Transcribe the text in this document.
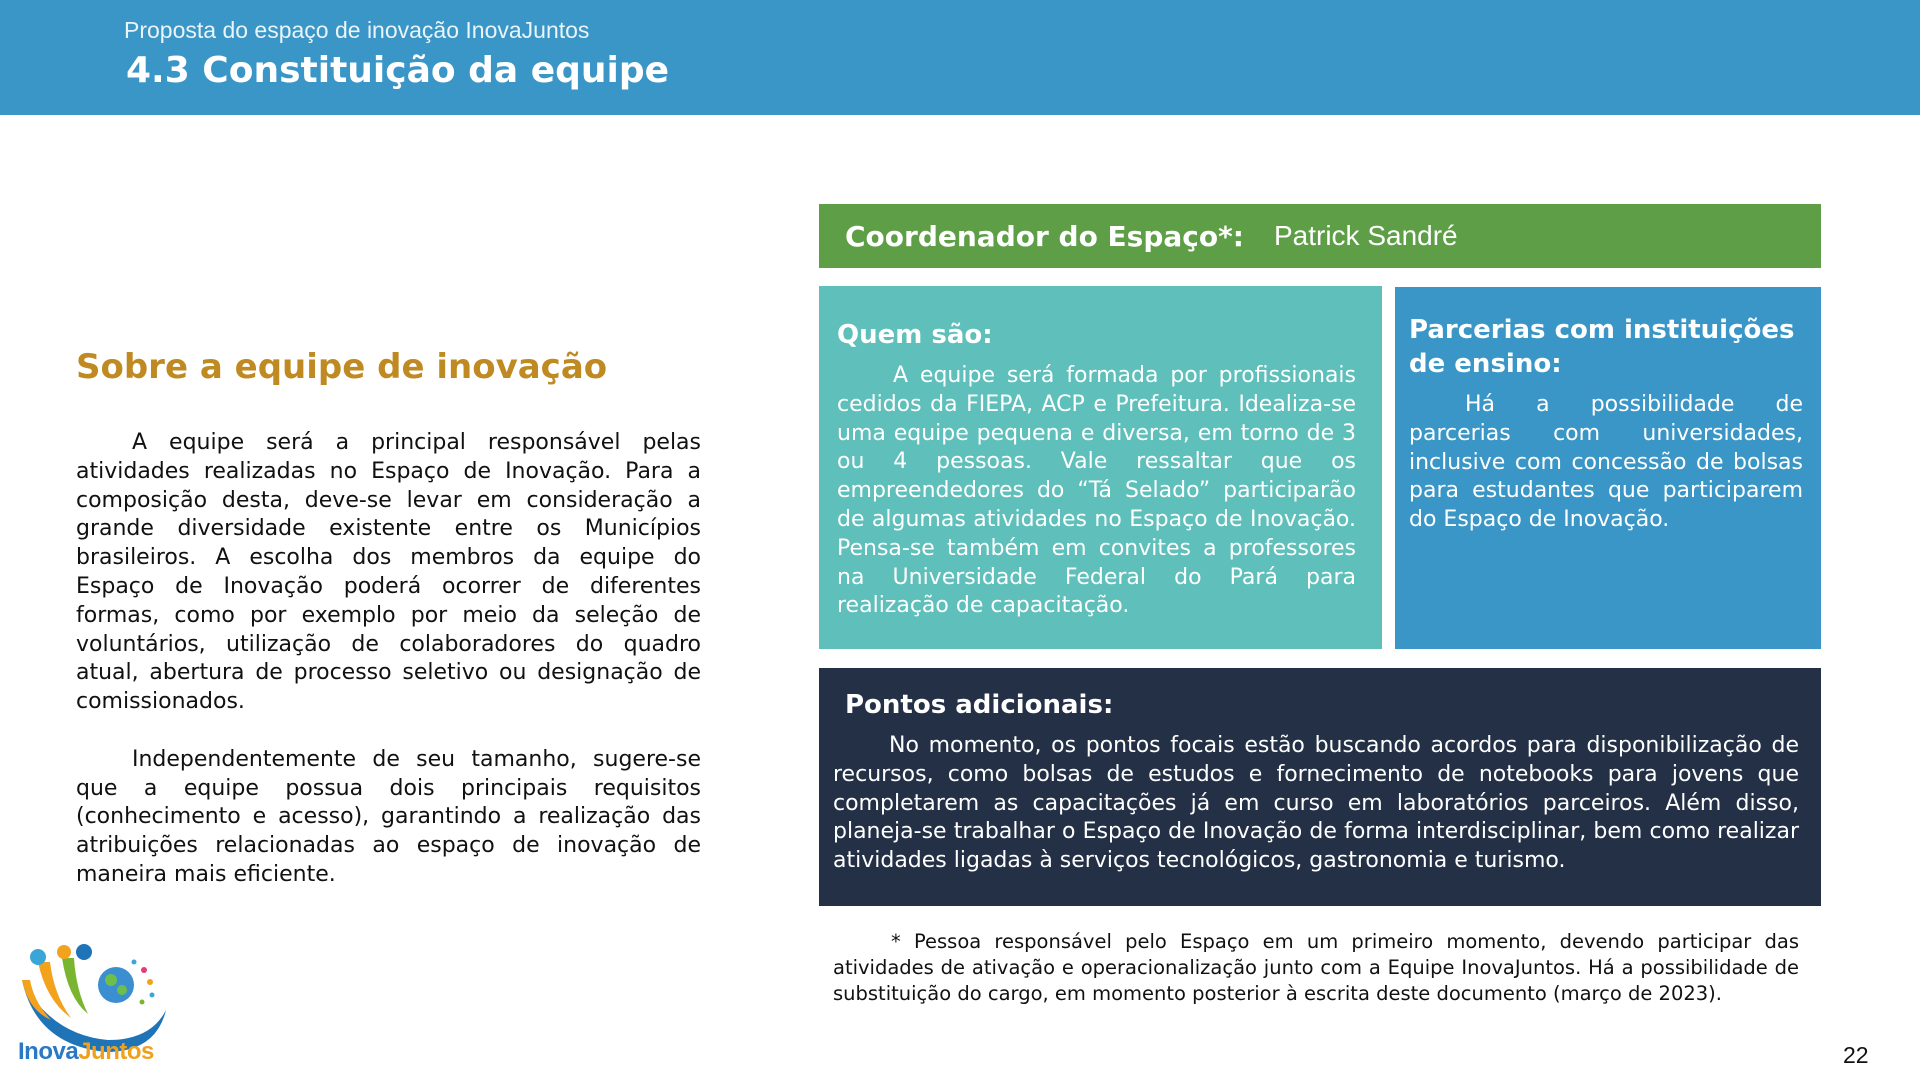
Proposta do espaço de inovação InovaJuntos
4.3 Constituição da equipe
Sobre a equipe de inovação

A equipe será a principal responsável pelas atividades realizadas no Espaço de Inovação. Para a composição desta, deve-se levar em consideração a grande diversidade existente entre os Municípios brasileiros. A escolha dos membros da equipe do Espaço de Inovação poderá ocorrer de diferentes formas, como por exemplo por meio da seleção de voluntários, utilização de colaboradores do quadro atual, abertura de processo seletivo ou designação de comissionados.

Independentemente de seu tamanho, sugere-se que a equipe possua dois principais requisitos (conhecimento e acesso), garantindo a realização das atribuições relacionadas ao espaço de inovação de maneira mais eficiente.

Coordenador do Espaço*: Patrick Sandré
Quem são:

A equipe será formada por profissionais cedidos da FIEPA, ACP e Prefeitura. Idealiza-se uma equipe pequena e diversa, em torno de 3 ou 4 pessoas. Vale ressaltar que os empreendedores do “Tá Selado” participarão de algumas atividades no Espaço de Inovação. Pensa-se também em convites a professores na Universidade Federal do Pará para realização de capacitação.

Parcerias com instituições de ensino:

Há a possibilidade de parcerias com universidades, inclusive com concessão de bolsas para estudantes que participarem do Espaço de Inovação.

Pontos adicionais:

No momento, os pontos focais estão buscando acordos para disponibilização de recursos, como bolsas de estudos e fornecimento de notebooks para jovens que completarem as capacitações já em curso em laboratórios parceiros. Além disso, planeja-se trabalhar o Espaço de Inovação de forma interdisciplinar, bem como realizar atividades ligadas à serviços tecnológicos, gastronomia e turismo.

* Pessoa responsável pelo Espaço em um primeiro momento, devendo participar das atividades de ativação e operacionalização junto com a Equipe InovaJuntos. Há a possibilidade de substituição do cargo, em momento posterior à escrita deste documento (março de 2023).

InovaJuntos	22
